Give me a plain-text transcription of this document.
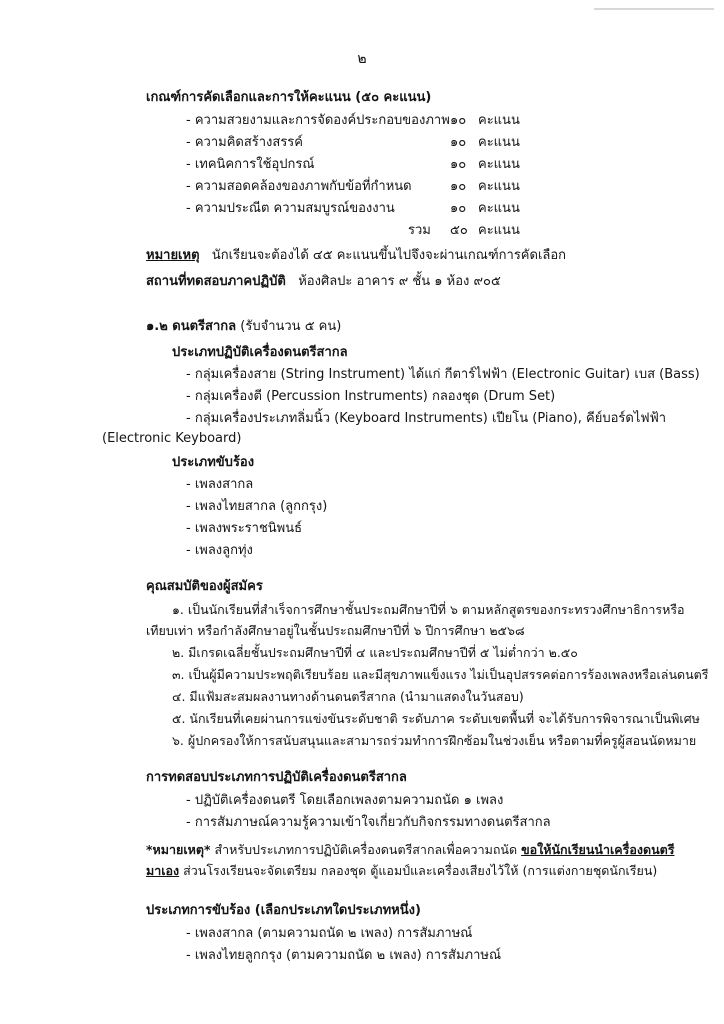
๒
เกณฑ์การคัดเลือกและการให้คะแนน (๕๐ คะแนน)
- ความสวยงามและการจัดองค์ประกอบของภาพ ๑๐ คะแนน
- ความคิดสร้างสรรค์	๑๐ คะแนน
- เทคนิคการใช้อุปกรณ์	๑๐ คะแนน
- ความสอดคล้องของภาพกับข้อที่กำหนด	๑๐ คะแนน
- ความประณีต ความสมบูรณ์ของงาน	๑๐ คะแนน
รวม ๕๐ คะแนน
หมายเหตุ นักเรียนจะต้องได้ ๔๕ คะแนนขึ้นไปจึงจะผ่านเกณฑ์การคัดเลือก
สถานที่ทดสอบภาคปฏิบัติ ห้องศิลปะ อาคาร ๙ ชั้น ๑ ห้อง ๙๐๕
๑.๒ ดนตรีสากล (รับจำนวน ๕ คน)
ประเภทปฏิบัติเครื่องดนตรีสากล
- กลุ่มเครื่องสาย (String Instrument) ได้แก่ กีตาร์ไฟฟ้า (Electronic Guitar) เบส (Bass)
- กลุ่มเครื่องตี (Percussion Instruments) กลองชุด (Drum Set)
- กลุ่มเครื่องประเภทลิ่มนิ้ว (Keyboard Instruments) เปียโน (Piano), คีย์บอร์ดไฟฟ้า
(Electronic Keyboard)
ประเภทขับร้อง
- เพลงสากล
- เพลงไทยสากล (ลูกกรุง)
- เพลงพระราชนิพนธ์
- เพลงลูกทุ่ง
คุณสมบัติของผู้สมัคร
๑. เป็นนักเรียนที่สำเร็จการศึกษาชั้นประถมศึกษาปีที่ ๖ ตามหลักสูตรของกระทรวงศึกษาธิการหรือ
เทียบเท่า หรือกำลังศึกษาอยู่ในชั้นประถมศึกษาปีที่ ๖ ปีการศึกษา ๒๕๖๘
๒. มีเกรดเฉลี่ยชั้นประถมศึกษาปีที่ ๔ และประถมศึกษาปีที่ ๕ ไม่ต่ำกว่า ๒.๕๐
๓. เป็นผู้มีความประพฤติเรียบร้อย และมีสุขภาพแข็งแรง ไม่เป็นอุปสรรคต่อการร้องเพลงหรือเล่นดนตรี
๔. มีแฟ้มสะสมผลงานทางด้านดนตรีสากล (นำมาแสดงในวันสอบ)
๕. นักเรียนที่เคยผ่านการแข่งขันระดับชาติ ระดับภาค ระดับเขตพื้นที่ จะได้รับการพิจารณาเป็นพิเศษ
๖. ผู้ปกครองให้การสนับสนุนและสามารถร่วมทำการฝึกซ้อมในช่วงเย็น หรือตามที่ครูผู้สอนนัดหมาย
การทดสอบประเภทการปฏิบัติเครื่องดนตรีสากล
- ปฏิบัติเครื่องดนตรี โดยเลือกเพลงตามความถนัด ๑ เพลง
- การสัมภาษณ์ความรู้ความเข้าใจเกี่ยวกับกิจกรรมทางดนตรีสากล
*หมายเหตุ* สำหรับประเภทการปฏิบัติเครื่องดนตรีสากลเพื่อความถนัด ขอให้นักเรียนนำเครื่องดนตรี
มาเอง ส่วนโรงเรียนจะจัดเตรียม กลองชุด ตู้แอมป์และเครื่องเสียงไว้ให้ (การแต่งกายชุดนักเรียน)
ประเภทการขับร้อง (เลือกประเภทใดประเภทหนึ่ง)
- เพลงสากล (ตามความถนัด ๒ เพลง) การสัมภาษณ์
- เพลงไทยลูกกรุง (ตามความถนัด ๒ เพลง) การสัมภาษณ์
